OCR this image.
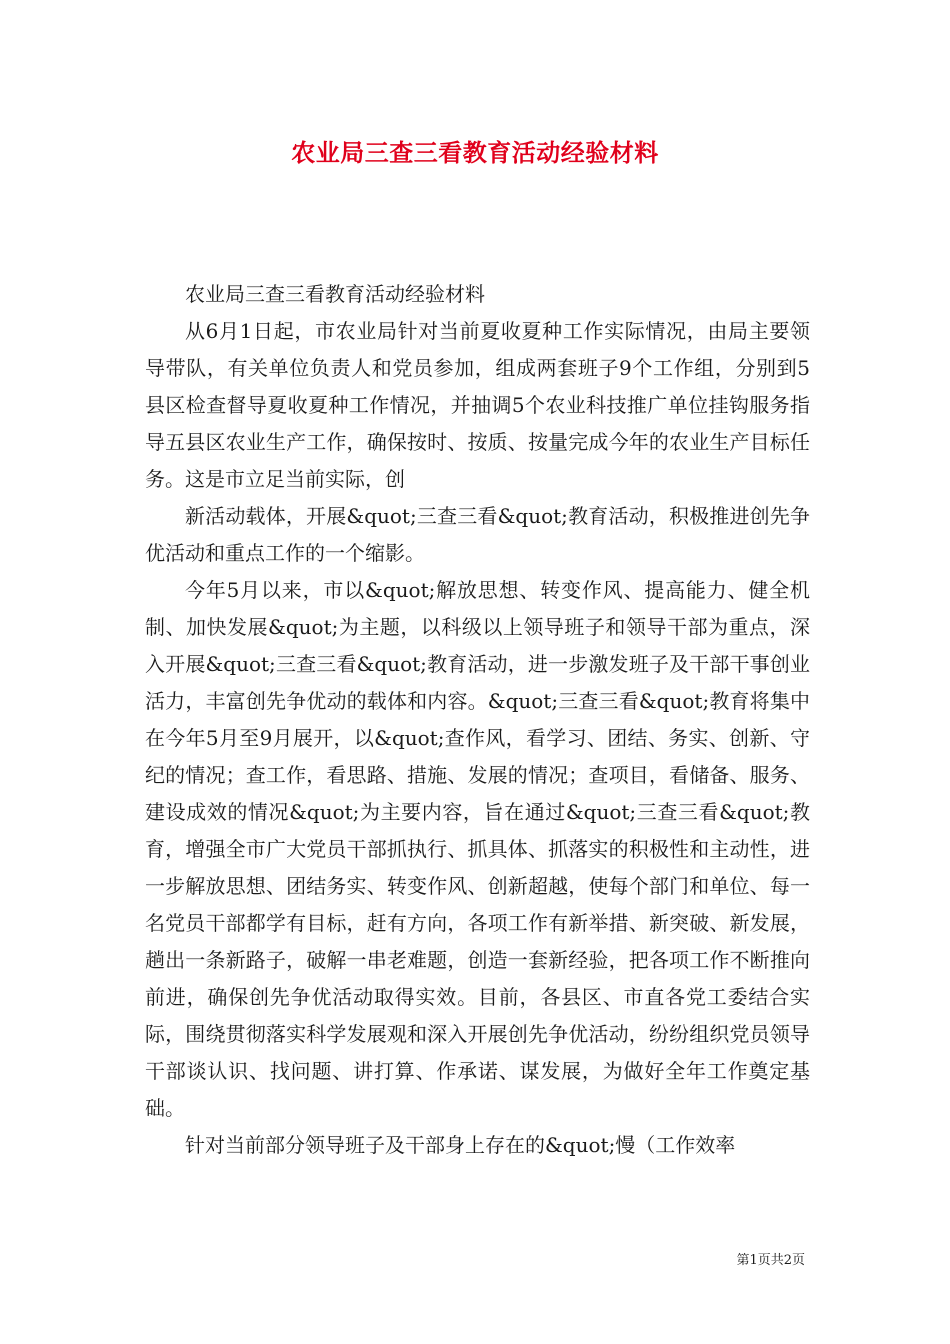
农业局三查三看教育活动经验材料

农业局三查三看教育活动经验材料

从6月1日起，市农业局针对当前夏收夏种工作实际情况，由局主要领导带队，有关单位负责人和党员参加，组成两套班子9个工作组，分别到5县区检查督导夏收夏种工作情况，并抽调5个农业科技推广单位挂钩服务指导五县区农业生产工作，确保按时、按质、按量完成今年的农业生产目标任务。这是市立足当前实际，创

新活动载体，开展&quot;三查三看&quot;教育活动，积极推进创先争优活动和重点工作的一个缩影。

今年5月以来，市以&quot;解放思想、转变作风、提高能力、健全机制、加快发展&quot;为主题，以科级以上领导班子和领导干部为重点，深入开展&quot;三查三看&quot;教育活动，进一步激发班子及干部干事创业活力，丰富创先争优动的载体和内容。&quot;三查三看&quot;教育将集中在今年5月至9月展开，以&quot;查作风，看学习、团结、务实、创新、守纪的情况；查工作，看思路、措施、发展的情况；查项目，看储备、服务、建设成效的情况&quot;为主要内容，旨在通过&quot;三查三看&quot;教育，增强全市广大党员干部抓执行、抓具体、抓落实的积极性和主动性，进一步解放思想、团结务实、转变作风、创新超越，使每个部门和单位、每一名党员干部都学有目标，赶有方向，各项工作有新举措、新突破、新发展，趟出一条新路子，破解一串老难题，创造一套新经验，把各项工作不断推向前进，确保创先争优活动取得实效。目前，各县区、市直各党工委结合实际，围绕贯彻落实科学发展观和深入开展创先争优活动，纷纷组织党员领导干部谈认识、找问题、讲打算、作承诺、谋发展，为做好全年工作奠定基础。

针对当前部分领导班子及干部身上存在的&quot;慢（工作效率

第1页共2页
